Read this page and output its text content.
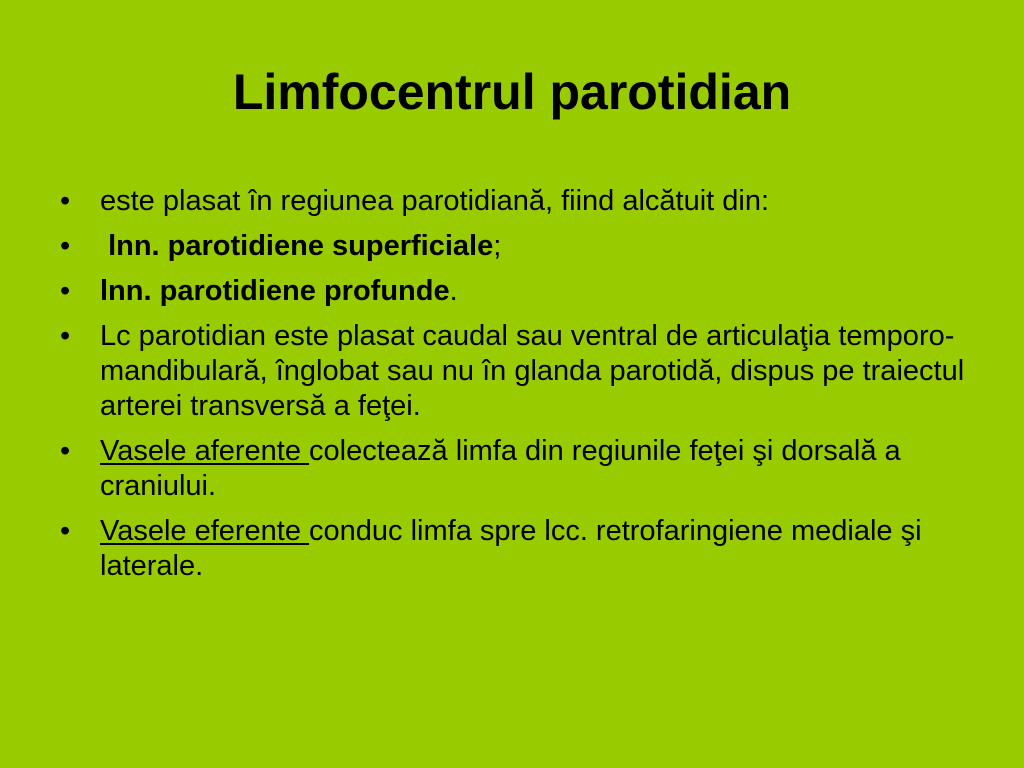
Limfocentrul parotidian
•	este plasat în regiunea parotidiană, fiind alcătuit din:
•	lnn. parotidiene superficiale;
•	lnn. parotidiene profunde.
•	Lc parotidian este plasat caudal sau ventral de articulaţia temporo-mandibulară, înglobat sau nu în glanda parotidă, dispus pe traiectul arterei transversă a feţei.
•	Vasele aferente colectează limfa din regiunile feţei şi dorsală a craniului.
•	Vasele eferente conduc limfa spre lcc. retrofaringiene mediale şi laterale.
